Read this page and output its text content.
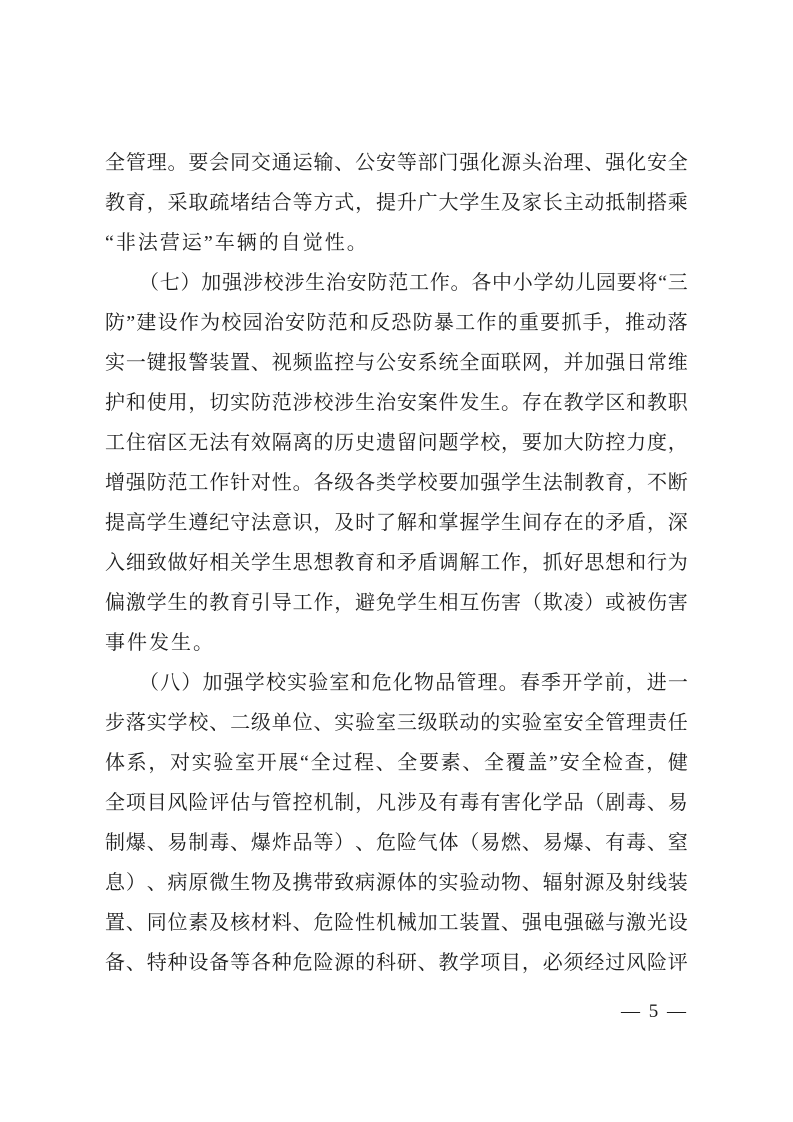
全 管 理 。 要 会 同 交 通 运 输 、 公 安 等 部 门 强 化 源 头 治 理 、 强 化 安 全
教 育 ， 采 取 疏 堵 结 合 等 方 式 ， 提 升 广 大 学 生 及 家 长 主 动 抵 制 搭 乘
“非法营运”车辆的自觉性。
（ 七 ） 加 强 涉 校 涉 生 治 安 防 范 工 作 。 各 中 小 学 幼 儿 园 要 将 “ 三
防 ” 建 设 作 为 校 园 治 安 防 范 和 反 恐 防 暴 工 作 的 重 要 抓 手 ， 推 动 落
实 一 键 报 警 装 置 、 视 频 监 控 与 公 安 系 统 全 面 联 网 ， 并 加 强 日 常 维
护 和 使 用 ， 切 实 防 范 涉 校 涉 生 治 安 案 件 发 生 。 存 在 教 学 区 和 教 职
工 住 宿 区 无 法 有 效 隔 离 的 历 史 遗 留 问 题 学 校 ， 要 加 大 防 控 力 度 ，
增 强 防 范 工 作 针 对 性 。 各 级 各 类 学 校 要 加 强 学 生 法 制 教 育 ， 不 断
提 高 学 生 遵 纪 守 法 意 识 ， 及 时 了 解 和 掌 握 学 生 间 存 在 的 矛 盾 ， 深
入 细 致 做 好 相 关 学 生 思 想 教 育 和 矛 盾 调 解 工 作 ， 抓 好 思 想 和 行 为
偏 激 学 生 的 教 育 引 导 工 作 ， 避 免 学 生 相 互 伤 害 （ 欺 凌 ） 或 被 伤 害
事件发生。
（ 八 ） 加 强 学 校 实 验 室 和 危 化 物 品 管 理 。 春 季 开 学 前 ， 进 一
步 落 实 学 校 、 二 级 单 位 、 实 验 室 三 级 联 动 的 实 验 室 安 全 管 理 责 任
体 系 ， 对 实 验 室 开 展 “ 全 过 程 、 全 要 素 、 全 覆 盖 ” 安 全 检 查 ， 健
全 项 目 风 险 评 估 与 管 控 机 制 ， 凡 涉 及 有 毒 有 害 化 学 品 （ 剧 毒 、 易
制 爆 、 易 制 毒 、 爆 炸 品 等 ） 、 危 险 气 体 （ 易 燃 、 易 爆 、 有 毒 、 窒
息 ） 、 病 原 微 生 物 及 携 带 致 病 源 体 的 实 验 动 物 、 辐 射 源 及 射 线 装
置 、 同 位 素 及 核 材 料 、 危 险 性 机 械 加 工 装 置 、 强 电 强 磁 与 激 光 设
备 、 特 种 设 备 等 各 种 危 险 源 的 科 研 、 教 学 项 目 ， 必 须 经 过 风 险 评
— 5 —
